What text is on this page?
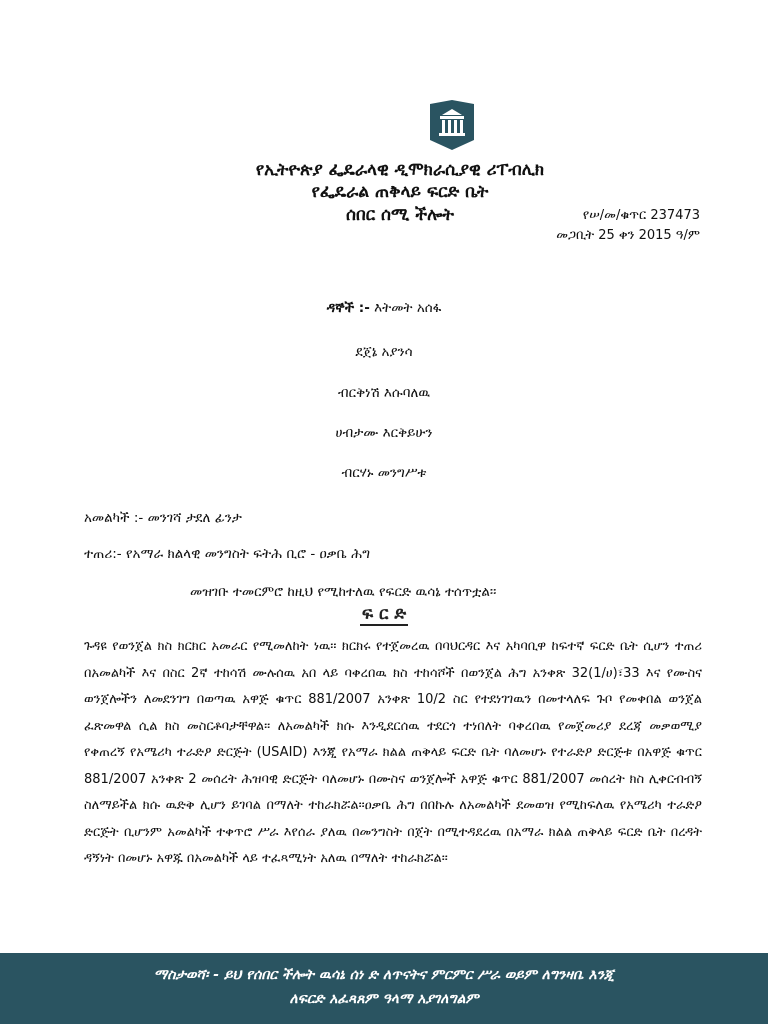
የኢትዮጵያ ፌዴራላዊ ዲሞክራሲያዊ ሪፐብሊክ
የፌዴራል ጠቅላይ ፍርድ ቤት
ሰበር ሰሚ ችሎት	የሠ/መ/ቁጥር 237473
መጋቢት 25 ቀን 2015 ዓ/ም
ዳኞች :- እትመት አሰፋ
ደጀኔ አያንሳ
ብርቅነሽ እሱባለዉ
ሀብታሙ እርቅይሁን
ብርሃኑ መንግሥቱ
አመልካች :- መንገሻ ታደለ ፊንታ
ተጠሪ:- የአማራ ክልላዊ መንግስት ፍትሕ ቢሮ - ዐቃቤ ሕግ
መዝገቡ ተመርምሮ ከዚህ የሚከተለዉ የፍርድ ዉሳኔ ተሰጥቷል፡፡
ፍ ር ድ
ጉዳዩ የወንጀል ክስ ክርክር አመራር የሚመለከት ነዉ፡፡ ክርክሩ የተጀመረዉ በባህርዳር እና አካባቢዋ ከፍተኛ ፍርድ ቤት ሲሆን ተጠሪ በአመልካች እና በስር 2ኛ ተከሳሽ ሙሉሰዉ አበ ላይ ባቀረበዉ ክስ ተከሳሾች በወንጀል ሕግ አንቀጽ 32(1/ሀ)፣33 እና የሙስና ወንጀሎችን ለመደንገግ በወጣዉ አዋጅ ቁጥር 881/2007 አንቀጽ 10/2 ስር የተደነገገዉን በመተላለፍ ጉቦ የመቀበል ወንጀል ፈጽመዋል ሲል ክስ መስርቶባታቸዋል፡፡ ለአመልካች ክሱ እንዲደርሰዉ ተደርጎ ተነበለት ባቀረበዉ የመጀመሪያ ደረጃ መቃወሚያ የቀጠረኝ የአሜሪካ ተራድዖ ድርጅት (USAID) እንጂ የአማራ ክልል ጠቅላይ ፍርድ ቤት ባለመሆኑ የተራድዖ ድርጅቱ በአዋጅ ቁጥር 881/2007 አንቀጽ 2 መሰረት ሕዝባዊ ድርጅት ባለመሆኑ በሙስና ወንጀሎች አዋጅ ቁጥር 881/2007 መሰረት ክስ ሊቀርብብኝ ስለማይችል ክሱ ዉድቅ ሊሆን ይገባል በማለት ተከራክሯል፡፡ዐቃቤ ሕግ በበኩሉ ለአመልካች ደመወዝ የሚከፍለዉ የአሜሪካ ተራድዖ ድርጅት ቢሆንም አመልካች ተቀጥሮ ሥራ እየሰራ ያለዉ በመንግስት በጀት በሚተዳደረዉ በአማራ ክልል ጠቅላይ ፍርድ ቤት በረዳት ዳኝነት በመሆኑ አዋጁ በአመልካች ላይ ተፈጻሚነት አለዉ በማለት ተከራክሯል፡፡
ማስታወሻ፡ - ይህ የሰበር ችሎት ዉሳኔ ሰነ ድ ለጥናትና ምርምር ሥራ ወይም ለግንዛቤ እንጂ
ለፍርድ አፈጻጸም ዓላማ አያገለግልም
